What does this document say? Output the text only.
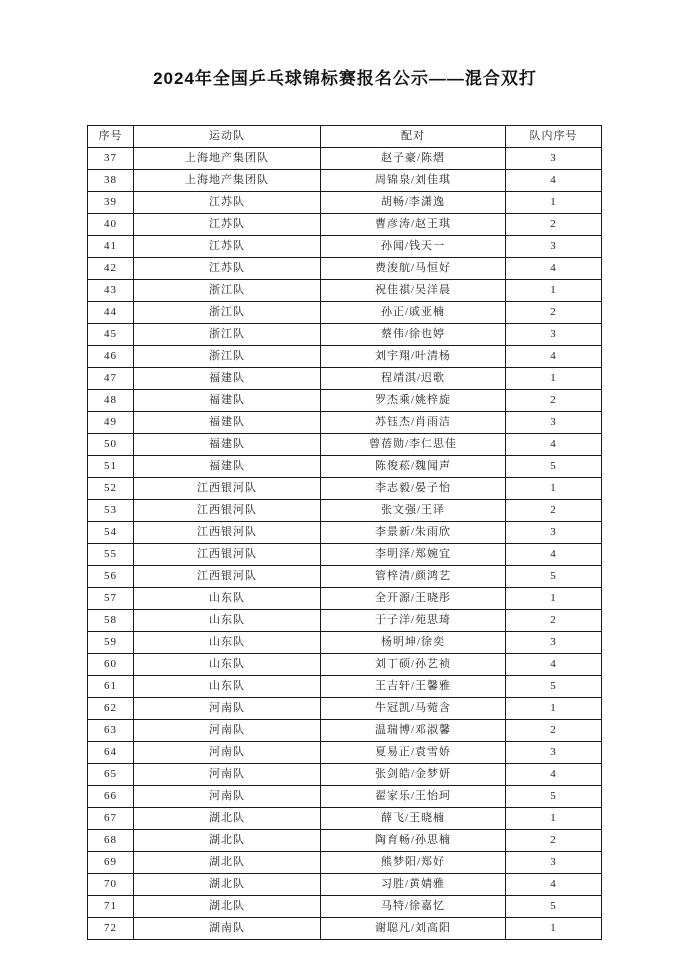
2024年全国乒乓球锦标赛报名公示——混合双打
序号	运动队	配对	队内序号
37	上海地产集团队	赵子豪/陈熠	3
38	上海地产集团队	周锦泉/刘佳琪	4
39	江苏队	胡畅/李潇逸	1
40	江苏队	曹彦涛/赵王琪	2
41	江苏队	孙闻/钱天一	3
42	江苏队	费浚航/马恒好	4
43	浙江队	祝佳祺/吴洋晨	1
44	浙江队	孙正/戚亚楠	2
45	浙江队	蔡伟/徐也婷	3
46	浙江队	刘宇翔/叶清杨	4
47	福建队	程靖淇/迟歌	1
48	福建队	罗杰乘/姚梓旋	2
49	福建队	苏钰杰/肖雨洁	3
50	福建队	曾蓓勋/李仁思佳	4
51	福建队	陈俊菘/魏闻声	5
52	江西银河队	李志毅/晏子怡	1
53	江西银河队	张文强/王译	2
54	江西银河队	李景新/朱雨欣	3
55	江西银河队	李明泽/郑婉宜	4
56	江西银河队	管梓清/颜鸿艺	5
57	山东队	全开源/王晓彤	1
58	山东队	于子洋/苑思琦	2
59	山东队	杨明坤/徐奕	3
60	山东队	刘丁硕/孙艺祯	4
61	山东队	王吉轩/王馨雅	5
62	河南队	牛冠凯/马菀含	1
63	河南队	温瑞博/邓淑馨	2
64	河南队	夏易正/袁雪娇	3
65	河南队	张剑皓/金梦妍	4
66	河南队	翟家乐/王怡珂	5
67	湖北队	薛飞/王晓楠	1
68	湖北队	陶育畅/孙思楠	2
69	湖北队	熊梦阳/郑好	3
70	湖北队	习胜/黄婧雅	4
71	湖北队	马特/徐嘉忆	5
72	湖南队	谢聪凡/刘高阳	1
